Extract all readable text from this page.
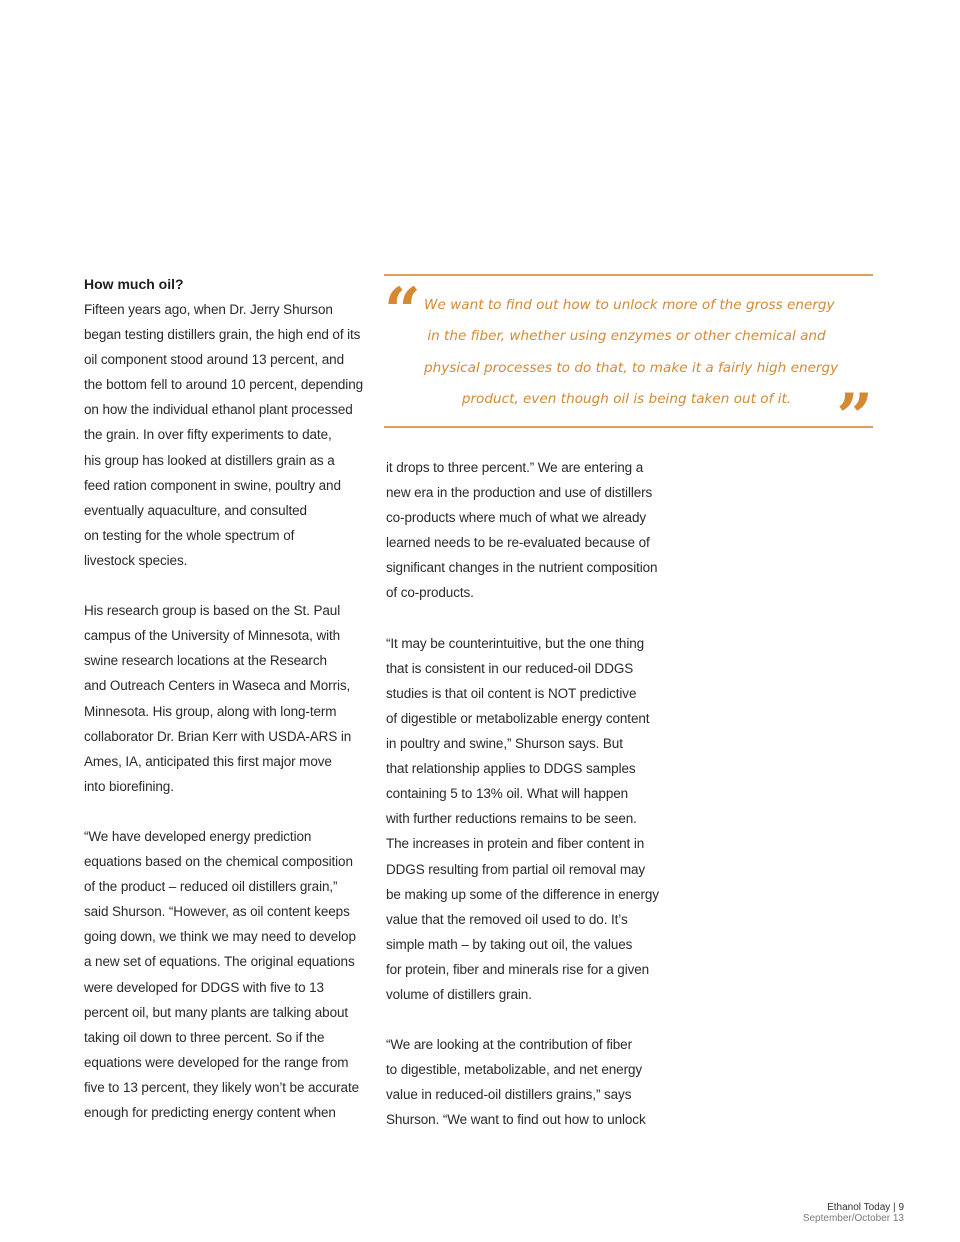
How much oil?
Fifteen years ago, when Dr. Jerry Shurson
began testing distillers grain, the high end of its
oil component stood around 13 percent, and
the bottom fell to around 10 percent, depending
on how the individual ethanol plant processed
the grain. In over fifty experiments to date,
his group has looked at distillers grain as a
feed ration component in swine, poultry and
eventually aquaculture, and consulted
on testing for the whole spectrum of
livestock species.
His research group is based on the St. Paul
campus of the University of Minnesota, with
swine research locations at the Research
and Outreach Centers in Waseca and Morris,
Minnesota. His group, along with long-term
collaborator Dr. Brian Kerr with USDA-ARS in
Ames, IA, anticipated this first major move
into biorefining.
“We have developed energy prediction
equations based on the chemical composition
of the product – reduced oil distillers grain,”
said Shurson. “However, as oil content keeps
going down, we think we may need to develop
a new set of equations. The original equations
were developed for DDGS with five to 13
percent oil, but many plants are talking about
taking oil down to three percent. So if the
equations were developed for the range from
five to 13 percent, they likely won’t be accurate
enough for predicting energy content when
“ We want to find out how to unlock more of the gross energy
in the fiber, whether using enzymes or other chemical and
physical processes to do that, to make it a fairly high energy
product, even though oil is being taken out of it. ”
it drops to three percent.” We are entering a
new era in the production and use of distillers
co-products where much of what we already
learned needs to be re-evaluated because of
significant changes in the nutrient composition
of co-products.
“It may be counterintuitive, but the one thing
that is consistent in our reduced-oil DDGS
studies is that oil content is NOT predictive
of digestible or metabolizable energy content
in poultry and swine,” Shurson says. But
that relationship applies to DDGS samples
containing 5 to 13% oil. What will happen
with further reductions remains to be seen.
The increases in protein and fiber content in
DDGS resulting from partial oil removal may
be making up some of the difference in energy
value that the removed oil used to do. It’s
simple math – by taking out oil, the values
for protein, fiber and minerals rise for a given
volume of distillers grain.
“We are looking at the contribution of fiber
to digestible, metabolizable, and net energy
value in reduced-oil distillers grains,” says
Shurson. “We want to find out how to unlock
Ethanol Today | 9
September/October 13
